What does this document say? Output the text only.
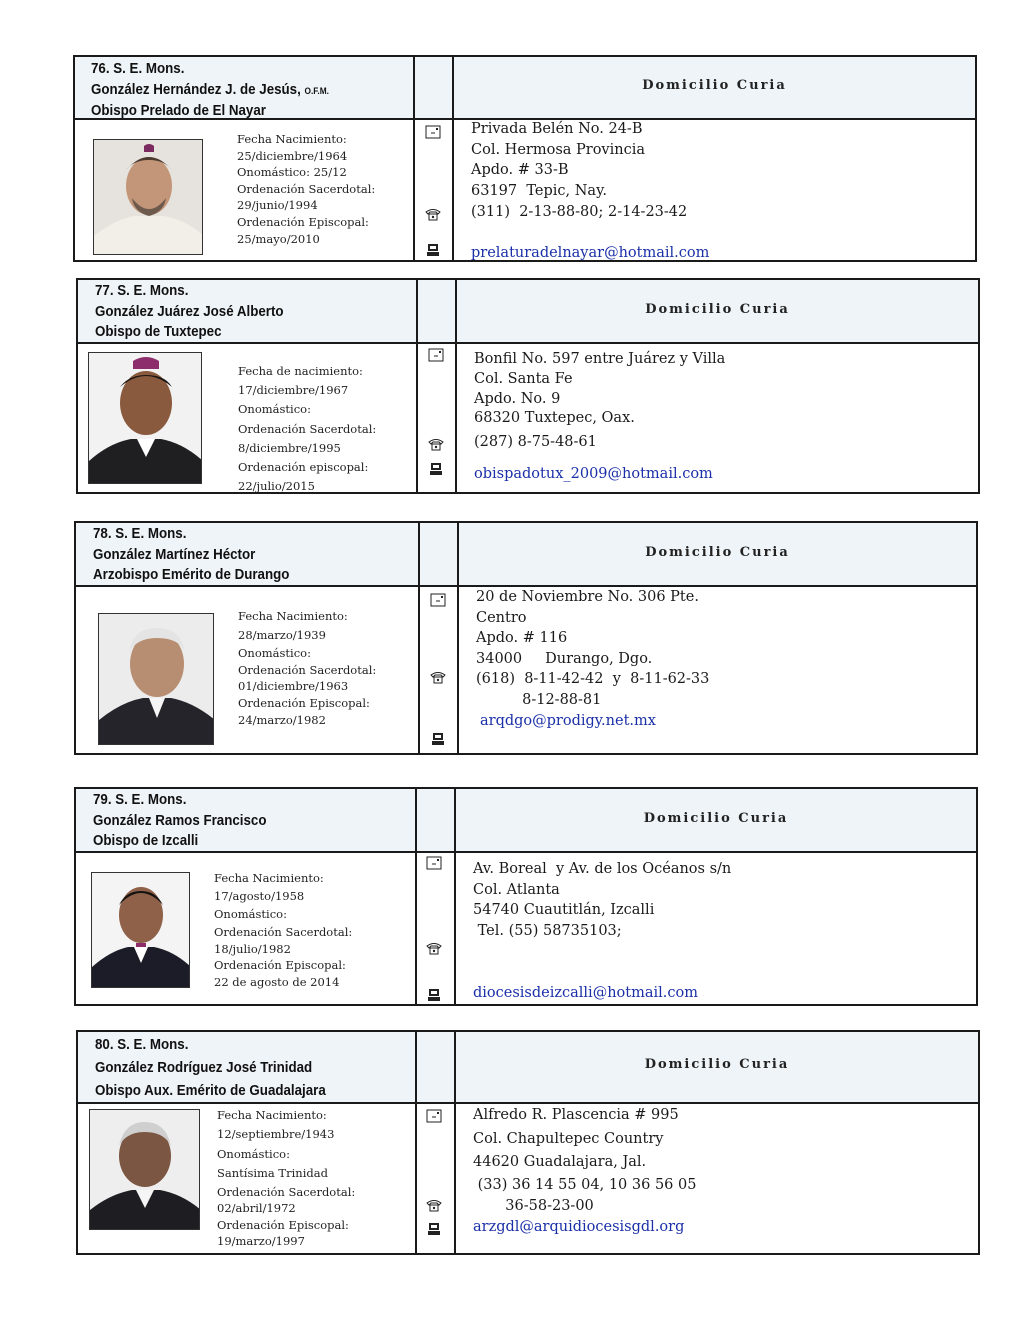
76. S. E. Mons.
González Hernández J. de Jesús, O.F.M.
Obispo Prelado de El Nayar
Domicilio Curia
Fecha Nacimiento:
25/diciembre/1964
Onomástico: 25/12
Ordenación Sacerdotal:
29/junio/1994
Ordenación Episcopal:
25/mayo/2010
Privada Belén No. 24-B
Col. Hermosa Provincia
Apdo. # 33-B
63197  Tepic, Nay.
(311)  2-13-88-80; 2-14-23-42

prelaturadelnayar@hotmail.com
77. S. E. Mons.
González Juárez José Alberto
Obispo de Tuxtepec
Domicilio Curia
Fecha de nacimiento:
17/diciembre/1967
Onomástico:
Ordenación Sacerdotal:
8/diciembre/1995
Ordenación episcopal:
22/julio/2015
Bonfil No. 597 entre Juárez y Villa
Col. Santa Fe
Apdo. No. 9
68320 Tuxtepec, Oax.
(287) 8-75-48-61
obispadotux_2009@hotmail.com
78. S. E. Mons.
González Martínez Héctor
Arzobispo Emérito de Durango
Domicilio Curia
Fecha Nacimiento:
28/marzo/1939
Onomástico:
Ordenación Sacerdotal:
01/diciembre/1963
Ordenación Episcopal:
24/marzo/1982
20 de Noviembre No. 306 Pte.
Centro
Apdo. # 116
34000     Durango, Dgo.
(618)  8-11-42-42  y  8-11-62-33
8-12-88-81
arqdgo@prodigy.net.mx
79. S. E. Mons.
González Ramos Francisco
Obispo de Izcalli
Domicilio Curia
Fecha Nacimiento:
17/agosto/1958
Onomástico:
Ordenación Sacerdotal:
18/julio/1982
Ordenación Episcopal:
22 de agosto de 2014
Av. Boreal  y Av. de los Océanos s/n
Col. Atlanta
54740 Cuautitlán, Izcalli
Tel. (55) 58735103;

diocesisdeizcalli@hotmail.com
80. S. E. Mons.
González Rodríguez José Trinidad
Obispo Aux. Emérito de Guadalajara
Domicilio Curia
Fecha Nacimiento:
12/septiembre/1943
Onomástico:
Santísima Trinidad
Ordenación Sacerdotal:
02/abril/1972
Ordenación Episcopal:
19/marzo/1997
Alfredo R. Plascencia # 995
Col. Chapultepec Country
44620 Guadalajara, Jal.
(33) 36 14 55 04, 10 36 56 05
36-58-23-00
arzgdl@arquidiocesisgdl.org
